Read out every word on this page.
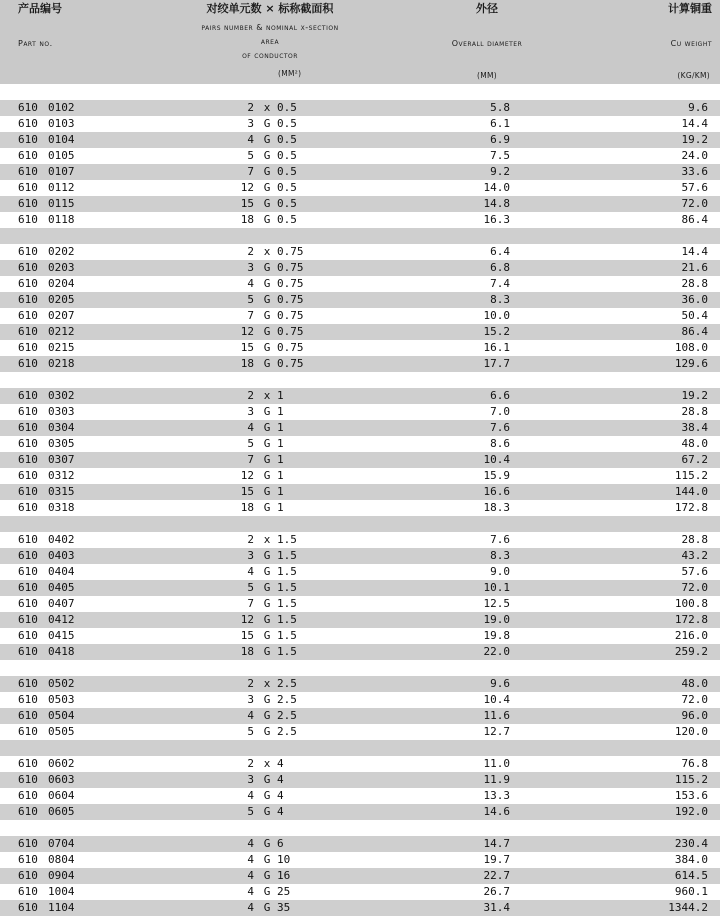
产品编号
Part no.
对绞单元数 × 标称截面积
pairs number & nominal x-section
area
of conductor
(MM²)
外径
Overall diameter
(MM)
计算铜重
Cu weight
(KG/KM)
610 0102	2 x 0.5	5.8	9.6
610 0103	3 G 0.5	6.1	14.4
610 0104	4 G 0.5	6.9	19.2
610 0105	5 G 0.5	7.5	24.0
610 0107	7 G 0.5	9.2	33.6
610 0112	12 G 0.5	14.0	57.6
610 0115	15 G 0.5	14.8	72.0
610 0118	18 G 0.5	16.3	86.4
610 0202	2 x 0.75	6.4	14.4
610 0203	3 G 0.75	6.8	21.6
610 0204	4 G 0.75	7.4	28.8
610 0205	5 G 0.75	8.3	36.0
610 0207	7 G 0.75	10.0	50.4
610 0212	12 G 0.75	15.2	86.4
610 0215	15 G 0.75	16.1	108.0
610 0218	18 G 0.75	17.7	129.6
610 0302	2 x 1	6.6	19.2
610 0303	3 G 1	7.0	28.8
610 0304	4 G 1	7.6	38.4
610 0305	5 G 1	8.6	48.0
610 0307	7 G 1	10.4	67.2
610 0312	12 G 1	15.9	115.2
610 0315	15 G 1	16.6	144.0
610 0318	18 G 1	18.3	172.8
610 0402	2 x 1.5	7.6	28.8
610 0403	3 G 1.5	8.3	43.2
610 0404	4 G 1.5	9.0	57.6
610 0405	5 G 1.5	10.1	72.0
610 0407	7 G 1.5	12.5	100.8
610 0412	12 G 1.5	19.0	172.8
610 0415	15 G 1.5	19.8	216.0
610 0418	18 G 1.5	22.0	259.2
610 0502	2 x 2.5	9.6	48.0
610 0503	3 G 2.5	10.4	72.0
610 0504	4 G 2.5	11.6	96.0
610 0505	5 G 2.5	12.7	120.0
610 0602	2 x 4	11.0	76.8
610 0603	3 G 4	11.9	115.2
610 0604	4 G 4	13.3	153.6
610 0605	5 G 4	14.6	192.0
610 0704	4 G 6	14.7	230.4
610 0804	4 G 10	19.7	384.0
610 0904	4 G 16	22.7	614.5
610 1004	4 G 25	26.7	960.1
610 1104	4 G 35	31.4	1344.2
